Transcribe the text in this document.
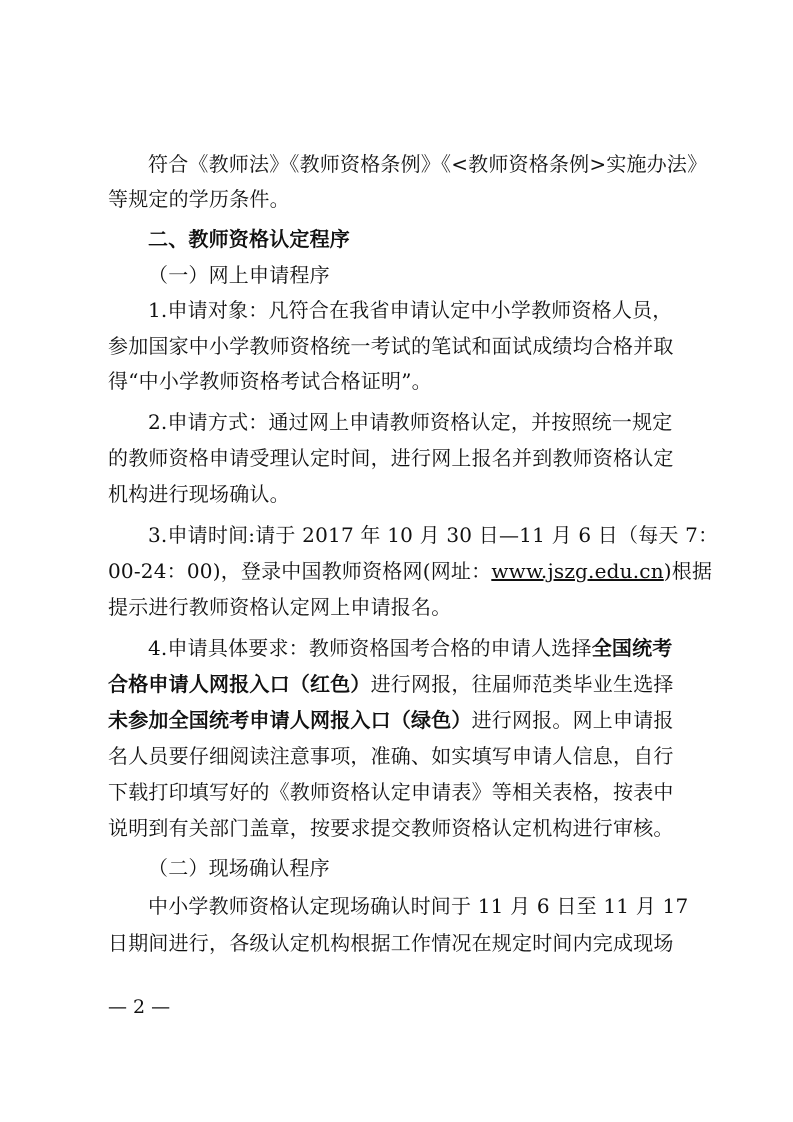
符合《教师法》《教师资格条例》《<教师资格条例>实施办法》
等规定的学历条件。
二、教师资格认定程序
（一）网上申请程序
1.申请对象：凡符合在我省申请认定中小学教师资格人员，
参加国家中小学教师资格统一考试的笔试和面试成绩均合格并取
得“中小学教师资格考试合格证明”。
2.申请方式：通过网上申请教师资格认定，并按照统一规定
的教师资格申请受理认定时间，进行网上报名并到教师资格认定
机构进行现场确认。
3.申请时间:请于 2017 年 10 月 30 日—11 月 6 日（每天 7：
00-24：00)，登录中国教师资格网(网址：www.jszg.edu.cn)根据
提示进行教师资格认定网上申请报名。
4.申请具体要求：教师资格国考合格的申请人选择全国统考
合格申请人网报入口（红色）进行网报，往届师范类毕业生选择
未参加全国统考申请人网报入口（绿色）进行网报。网上申请报
名人员要仔细阅读注意事项，准确、如实填写申请人信息，自行
下载打印填写好的《教师资格认定申请表》等相关表格，按表中
说明到有关部门盖章，按要求提交教师资格认定机构进行审核。
（二）现场确认程序
中小学教师资格认定现场确认时间于 11 月 6 日至 11 月 17
日期间进行，各级认定机构根据工作情况在规定时间内完成现场
— 2 —
